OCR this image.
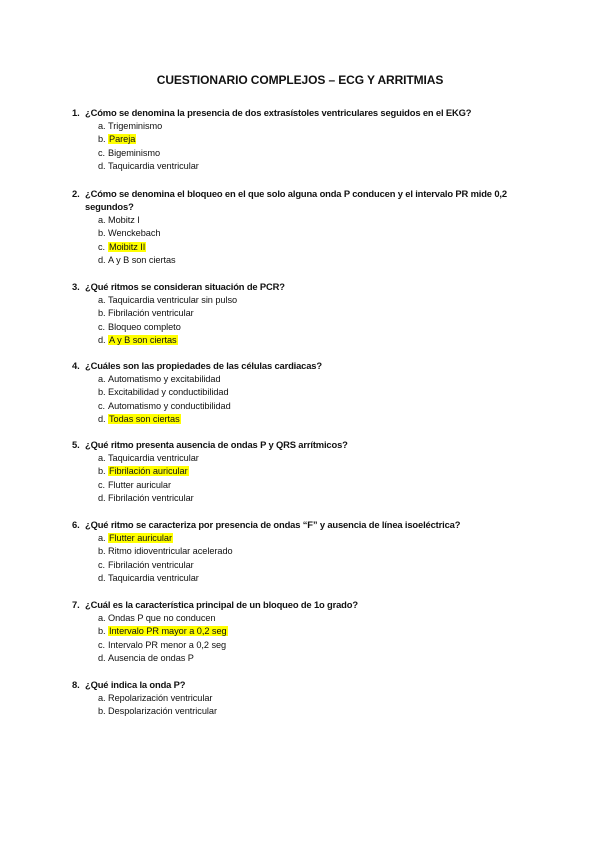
CUESTIONARIO COMPLEJOS – ECG Y ARRITMIAS
1. ¿Cómo se denomina la presencia de dos extrasístoles ventriculares seguidos en el EKG?
a. Trigeminismo
b. Pareja
c. Bigeminismo
d. Taquicardia ventricular
2. ¿Cómo se denomina el bloqueo en el que solo alguna onda P conducen y el intervalo PR mide 0,2 segundos?
a. Mobitz I
b. Wenckebach
c. Moibitz II
d. A y B son ciertas
3. ¿Qué ritmos se consideran situación de PCR?
a. Taquicardia ventricular sin pulso
b. Fibrilación ventricular
c. Bloqueo completo
d. A y B son ciertas
4. ¿Cuáles son las propiedades de las células cardiacas?
a. Automatismo y excitabilidad
b. Excitabilidad y conductibilidad
c. Automatismo y conductibilidad
d. Todas son ciertas
5. ¿Qué ritmo presenta ausencia de ondas P y QRS arrítmicos?
a. Taquicardia ventricular
b. Fibrilación auricular
c. Flutter auricular
d. Fibrilación ventricular
6. ¿Qué ritmo se caracteriza por presencia de ondas “F” y ausencia de línea isoeléctrica?
a. Flutter auricular
b. Ritmo idioventricular acelerado
c. Fibrilación ventricular
d. Taquicardia ventricular
7. ¿Cuál es la característica principal de un bloqueo de 1o grado?
a. Ondas P que no conducen
b. Intervalo PR mayor a 0,2 seg
c. Intervalo PR menor a 0,2 seg
d. Ausencia de ondas P
8. ¿Qué indica la onda P?
a. Repolarización ventricular
b. Despolarización ventricular
